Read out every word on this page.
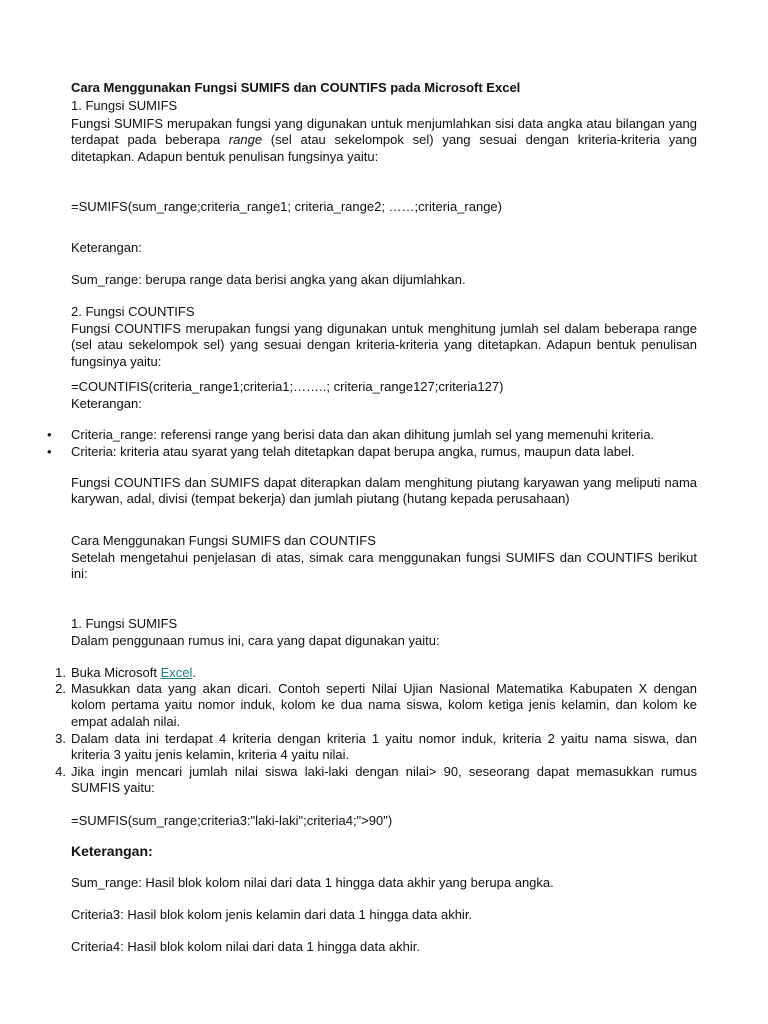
Cara Menggunakan Fungsi SUMIFS dan COUNTIFS pada Microsoft Excel

1. Fungsi SUMIFS

Fungsi SUMIFS merupakan fungsi yang digunakan untuk menjumlahkan sisi data angka atau bilangan yang terdapat pada beberapa range (sel atau sekelompok sel) yang sesuai dengan kriteria-kriteria yang ditetapkan. Adapun bentuk penulisan fungsinya yaitu:

=SUMIFS(sum_range;criteria_range1; criteria_range2; ……;criteria_range)

Keterangan:

Sum_range: berupa range data berisi angka yang akan dijumlahkan.

2. Fungsi COUNTIFS

Fungsi COUNTIFS merupakan fungsi yang digunakan untuk menghitung jumlah sel dalam beberapa range (sel atau sekelompok sel) yang sesuai dengan kriteria-kriteria yang ditetapkan. Adapun bentuk penulisan fungsinya yaitu:

=COUNTIFIS(criteria_range1;criteria1;……..; criteria_range127;criteria127)

Keterangan:

• Criteria_range: referensi range yang berisi data dan akan dihitung jumlah sel yang memenuhi kriteria.

• Criteria: kriteria atau syarat yang telah ditetapkan dapat berupa angka, rumus, maupun data label.

Fungsi COUNTIFS dan SUMIFS dapat diterapkan dalam menghitung piutang karyawan yang meliputi nama karywan, adal, divisi (tempat bekerja) dan jumlah piutang (hutang kepada perusahaan)

Cara Menggunakan Fungsi SUMIFS dan COUNTIFS

Setelah mengetahui penjelasan di atas, simak cara menggunakan fungsi SUMIFS dan COUNTIFS berikut ini:

1. Fungsi SUMIFS

Dalam penggunaan rumus ini, cara yang dapat digunakan yaitu:

1. Buka Microsoft Excel.

2. Masukkan data yang akan dicari. Contoh seperti Nilai Ujian Nasional Matematika Kabupaten X dengan kolom pertama yaitu nomor induk, kolom ke dua nama siswa, kolom ketiga jenis kelamin, dan kolom ke empat adalah nilai.

3. Dalam data ini terdapat 4 kriteria dengan kriteria 1 yaitu nomor induk, kriteria 2 yaitu nama siswa, dan kriteria 3 yaitu jenis kelamin, kriteria 4 yaitu nilai.

4. Jika ingin mencari jumlah nilai siswa laki-laki dengan nilai> 90, seseorang dapat memasukkan rumus SUMFIS yaitu:

=SUMFIS(sum_range;criteria3:"laki-laki";criteria4;">90")

Keterangan:

Sum_range: Hasil blok kolom nilai dari data 1 hingga data akhir yang berupa angka.

Criteria3: Hasil blok kolom jenis kelamin dari data 1 hingga data akhir.

Criteria4: Hasil blok kolom nilai dari data 1 hingga data akhir.
